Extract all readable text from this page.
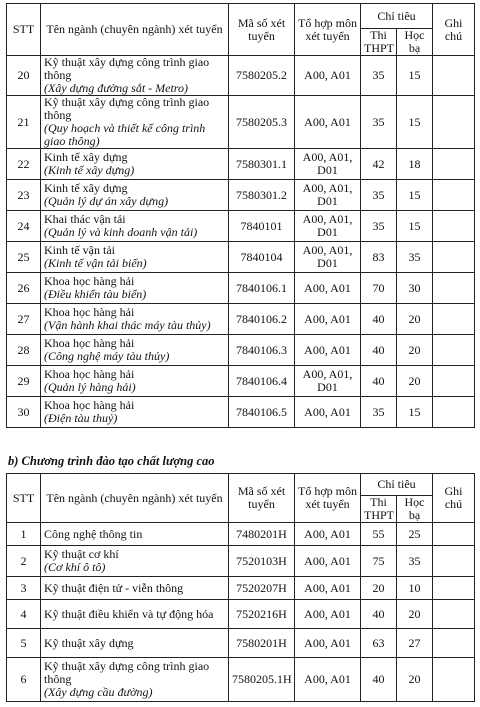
STT	Tên ngành (chuyên ngành) xét tuyển	Mã số xét tuyển	Tổ hợp môn xét tuyển	Chỉ tiêu		Ghi chú
				Thi THPT	Học bạ	
20	Kỹ thuật xây dựng công trình giao thông
(Xây dựng đường sắt - Metro)	7580205.2	A00, A01	35	15	
21	Kỹ thuật xây dựng công trình giao thông
(Quy hoạch và thiết kế công trình giao thông)	7580205.3	A00, A01	35	15	
22	Kinh tế xây dựng
(Kinh tế xây dựng)	7580301.1	A00, A01, D01	42	18	
23	Kinh tế xây dựng
(Quản lý dự án xây dựng)	7580301.2	A00, A01, D01	35	15	
24	Khai thác vận tải
(Quản lý và kinh doanh vận tải)	7840101	A00, A01, D01	35	15	
25	Kinh tế vận tải
(Kinh tế vận tải biển)	7840104	A00, A01, D01	83	35	
26	Khoa học hàng hải
(Điều khiển tàu biển)	7840106.1	A00, A01	70	30	
27	Khoa học hàng hải
(Vận hành khai thác máy tàu thủy)	7840106.2	A00, A01	40	20	
28	Khoa học hàng hải
(Công nghệ máy tàu thủy)	7840106.3	A00, A01	40	20	
29	Khoa học hàng hải
(Quản lý hàng hải)	7840106.4	A00, A01, D01	40	20	
30	Khoa học hàng hải
(Điện tàu thuỷ)	7840106.5	A00, A01	35	15	
b) Chương trình đào tạo chất lượng cao
STT	Tên ngành (chuyên ngành) xét tuyển	Mã số xét tuyển	Tổ hợp môn xét tuyển	Chỉ tiêu		Ghi chú
				Thi THPT	Học bạ	
1	Công nghệ thông tin	7480201H	A00, A01	55	25	
2	Kỹ thuật cơ khí
(Cơ khí ô tô)	7520103H	A00, A01	75	35	
3	Kỹ thuật điện tử - viễn thông	7520207H	A00, A01	20	10	
4	Kỹ thuật điều khiển và tự động hóa	7520216H	A00, A01	40	20	
5	Kỹ thuật xây dựng	7580201H	A00, A01	63	27	
6	Kỹ thuật xây dựng công trình giao thông
(Xây dựng cầu đường)	7580205.1H	A00, A01	40	20	
